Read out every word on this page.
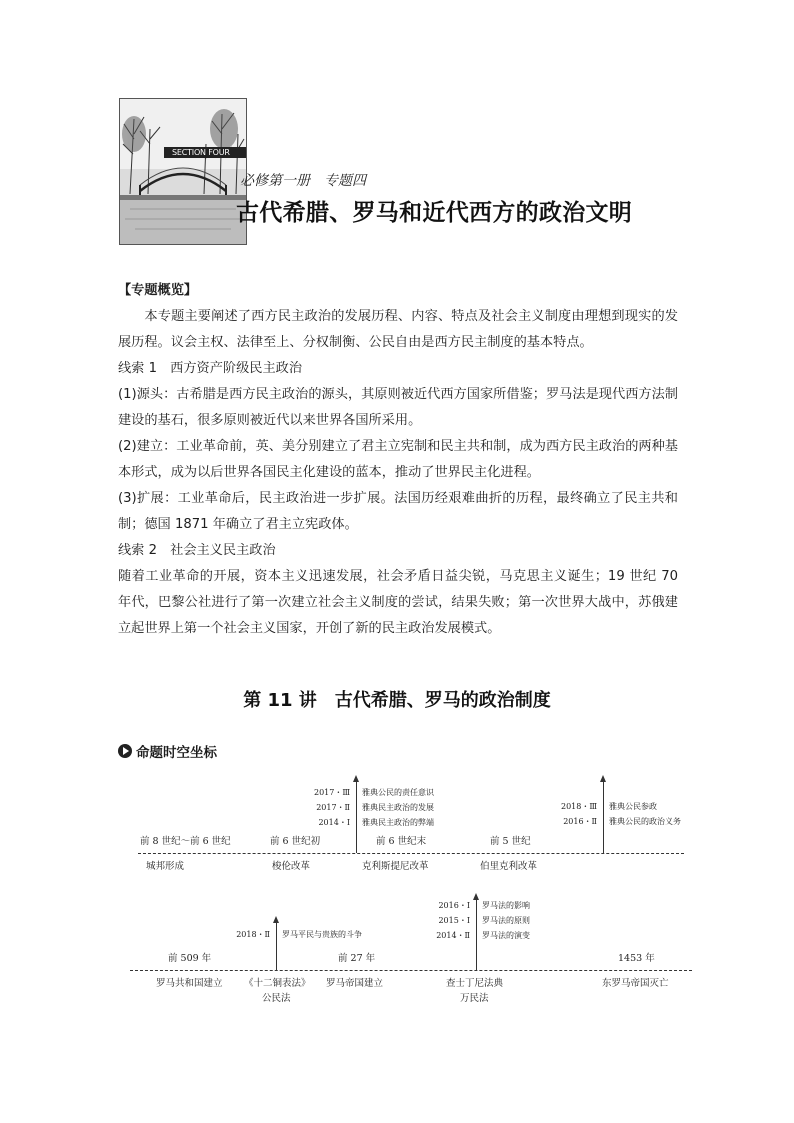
SECTION FOUR
必修第一册　专题四
古代希腊、罗马和近代西方的政治文明
【专题概览】
本专题主要阐述了西方民主政治的发展历程、内容、特点及社会主义制度由理想到现实的发展历程。议会主权、法律至上、分权制衡、公民自由是西方民主制度的基本特点。
线索 1　西方资产阶级民主政治
(1)源头：古希腊是西方民主政治的源头，其原则被近代西方国家所借鉴；罗马法是现代西方法制建设的基石，很多原则被近代以来世界各国所采用。
(2)建立：工业革命前，英、美分别建立了君主立宪制和民主共和制，成为西方民主政治的两种基本形式，成为以后世界各国民主化建设的蓝本，推动了世界民主化进程。
(3)扩展：工业革命后，民主政治进一步扩展。法国历经艰难曲折的历程，最终确立了民主共和制；德国 1871 年确立了君主立宪政体。
线索 2　社会主义民主政治
随着工业革命的开展，资本主义迅速发展，社会矛盾日益尖锐，马克思主义诞生；19 世纪 70 年代，巴黎公社进行了第一次建立社会主义制度的尝试，结果失败；第一次世界大战中，苏俄建立起世界上第一个社会主义国家，开创了新的民主政治发展模式。
第 11 讲　古代希腊、罗马的政治制度
命题时空坐标
2017・Ⅲ
2017・Ⅱ
2014・Ⅰ
雅典公民的责任意识
雅典民主政治的发展
雅典民主政治的弊端
2018・Ⅲ
2016・Ⅱ
雅典公民参政
雅典公民的政治义务
前 8 世纪～前 6 世纪	前 6 世纪初	前 6 世纪末	前 5 世纪
城邦形成	梭伦改革	克利斯提尼改革	伯里克利改革
2018・Ⅱ 罗马平民与贵族的斗争
2016・Ⅰ
2015・Ⅰ
2014・Ⅱ
罗马法的影响
罗马法的原则
罗马法的演变
前 509 年	前 27 年	1453 年
罗马共和国建立 《十二铜表法》 罗马帝国建立	查士丁尼法典	东罗马帝国灭亡
公民法	万民法
